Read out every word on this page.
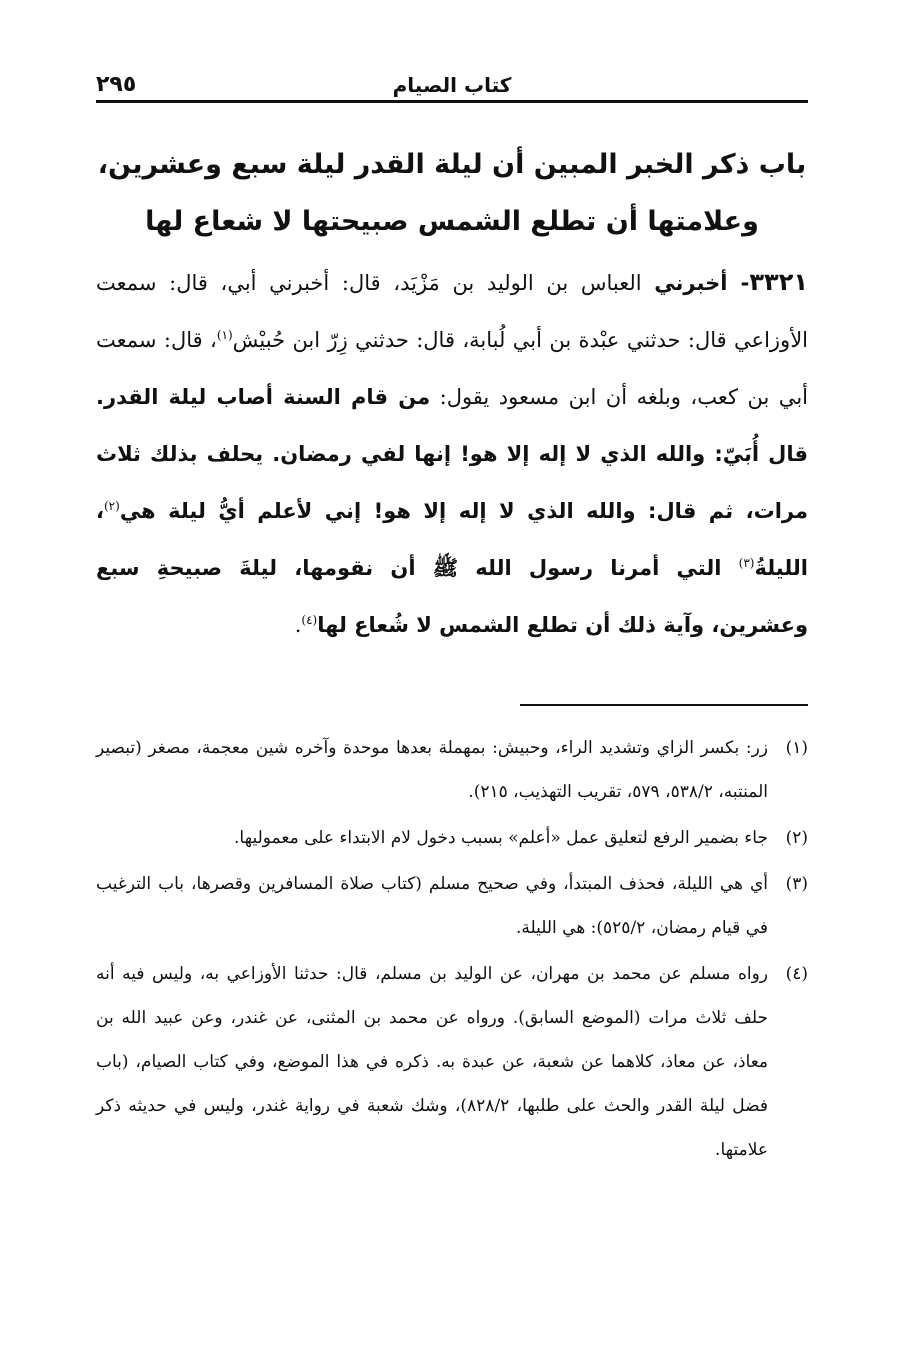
كتاب الصيام
٢٩٥
باب ذكر الخبر المبين أن ليلة القدر ليلة سبع وعشرين،
وعلامتها أن تطلع الشمس صبيحتها لا شعاع لها

٣٣٢١- أخبرني العباس بن الوليد بن مَزْيَد، قال: أخبرني أبي، قال: سمعت الأوزاعي قال: حدثني عبْدة بن أبي لُبابة، قال: حدثني زِرّ ابن حُبيْش$^{(١)}$، قال: سمعت أبي بن كعب، وبلغه أن ابن مسعود يقول: من قام السنة أصاب ليلة القدر. قال أُبَيّ: والله الذي لا إله إلا هو! إنها لفي رمضان. يحلف بذلك ثلاث مرات، ثم قال: والله الذي لا إله إلا هو! إني لأعلم أيُّ ليلة هي$^{(٢)}$، الليلةُ$^{(٣)}$ التي أمرنا رسول الله ﷺ أن نقومها، ليلةَ صبيحةِ سبع وعشرين، وآية ذلك أن تطلع الشمس لا شُعاع لها$^{(٤)}$.

(١)
زر: بكسر الزاي وتشديد الراء، وحبيش: بمهملة بعدها موحدة وآخره شين معجمة، مصغر (تبصير المنتبه، ٥٣٨/٢، ٥٧٩، تقريب التهذيب، ٢١٥).
(٢)
جاء بضمير الرفع لتعليق عمل «أعلم» بسبب دخول لام الابتداء على معموليها.
(٣)
أي هي الليلة، فحذف المبتدأ، وفي صحيح مسلم (كتاب صلاة المسافرين وقصرها، باب الترغيب في قيام رمضان، ٥٢٥/٢): هي الليلة.
(٤)
رواه مسلم عن محمد بن مهران، عن الوليد بن مسلم، قال: حدثنا الأوزاعي به، وليس فيه أنه حلف ثلاث مرات (الموضع السابق). ورواه عن محمد بن المثنى، عن غندر، وعن عبيد الله بن معاذ، عن معاذ، كلاهما عن شعبة، عن عبدة به. ذكره في هذا الموضع، وفي كتاب الصيام، (باب فضل ليلة القدر والحث على طلبها، ٨٢٨/٢)، وشك شعبة في رواية غندر، وليس في حديثه ذكر علامتها.
